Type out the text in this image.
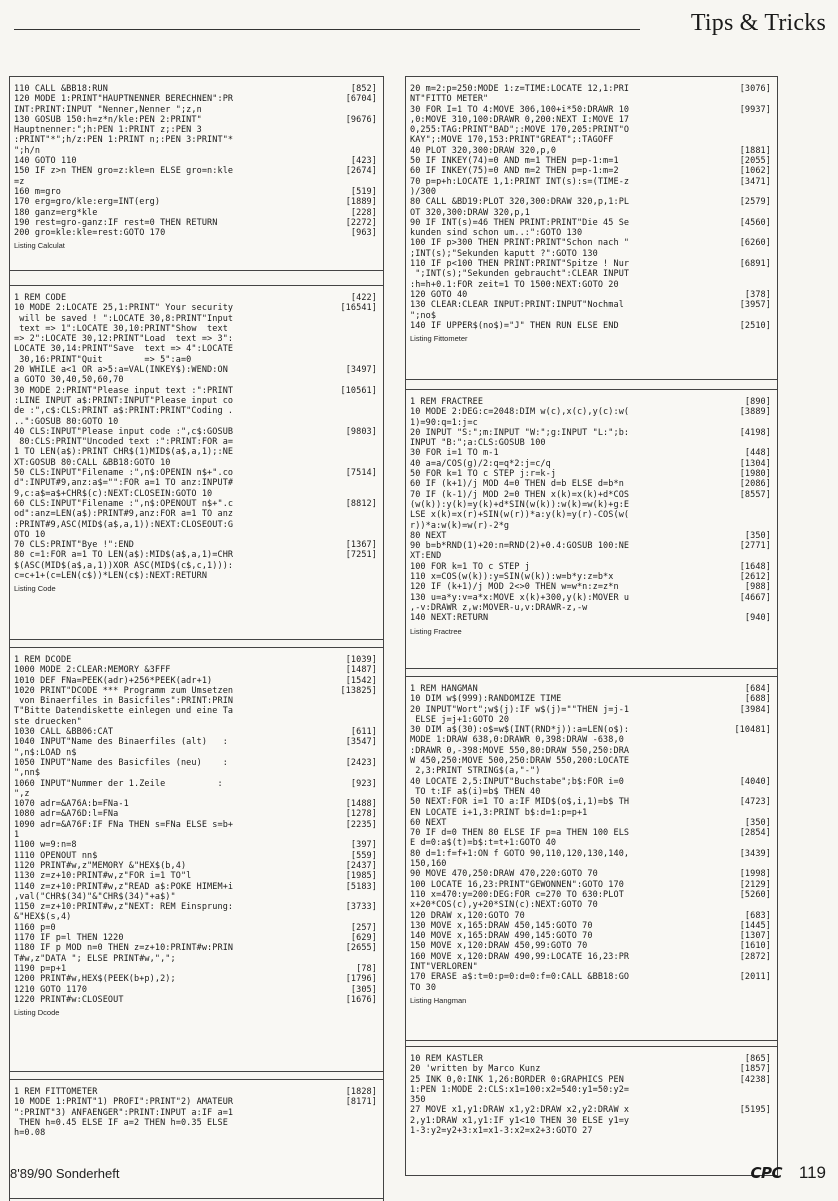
Tips & Tricks
110 CALL &BB18:RUN	[852]
120 MODE 1:PRINT"HAUPTNENNER BERECHNEN":PR	[6704]
INT:PRINT:INPUT "Nenner,Nenner ";z,n
130 GOSUB 150:h=z*n/kle:PEN 2:PRINT"	[9676]
Hauptnenner:";h:PEN 1:PRINT z;:PEN 3
:PRINT"*";h/z:PEN 1:PRINT n;:PEN 3:PRINT"*
";h/n
140 GOTO 110	[423]
150 IF z>n THEN gro=z:kle=n ELSE gro=n:kle	[2674]
=z
160 m=gro	[519]
170 erg=gro/kle:erg=INT(erg)	[1889]
180 ganz=erg*kle	[228]
190 rest=gro-ganz:IF rest=0 THEN RETURN	[2272]
200 gro=kle:kle=rest:GOTO 170	[963]
Listing Calculat
1 REM CODE	[422]
10 MODE 2:LOCATE 25,1:PRINT" Your security	[16541]
will be saved ! ":LOCATE 30,8:PRINT"Input
text => 1":LOCATE 30,10:PRINT"Show  text
=> 2":LOCATE 30,12:PRINT"Load  text => 3":
LOCATE 30,14:PRINT"Save  text => 4":LOCATE
30,16:PRINT"Quit        => 5":a=0
20 WHILE a<1 OR a>5:a=VAL(INKEY$):WEND:ON	[3497]
a GOTO 30,40,50,60,70
30 MODE 2:PRINT"Please input text :":PRINT	[10561]
:LINE INPUT a$:PRINT:INPUT"Please input co
de :",c$:CLS:PRINT a$:PRINT:PRINT"Coding .
..":GOSUB 80:GOTO 10
40 CLS:INPUT"Please input code :",c$:GOSUB	[9803]
80:CLS:PRINT"Uncoded text :":PRINT:FOR a=
1 TO LEN(a$):PRINT CHR$(1)MID$(a$,a,1);:NE
XT:GOSUB 80:CALL &BB18:GOTO 10
50 CLS:INPUT"Filename :",n$:OPENIN n$+".co	[7514]
d":INPUT#9,anz:a$="":FOR a=1 TO anz:INPUT#
9,c:a$=a$+CHR$(c):NEXT:CLOSEIN:GOTO 10
60 CLS:INPUT"Filename :",n$:OPENOUT n$+".c	[8812]
od":anz=LEN(a$):PRINT#9,anz:FOR a=1 TO anz
:PRINT#9,ASC(MID$(a$,a,1)):NEXT:CLOSEOUT:G
OTO 10
70 CLS:PRINT"Bye !":END	[1367]
80 c=1:FOR a=1 TO LEN(a$):MID$(a$,a,1)=CHR	[7251]
$(ASC(MID$(a$,a,1))XOR ASC(MID$(c$,c,1))):
c=c+1+(c=LEN(c$))*LEN(c$):NEXT:RETURN
Listing Code
1 REM DCODE	[1039]
1000 MODE 2:CLEAR:MEMORY &3FFF	[1487]
1010 DEF FNa=PEEK(adr)+256*PEEK(adr+1)	[1542]
1020 PRINT"DCODE *** Programm zum Umsetzen	[13825]
von Binaerfiles in Basicfiles":PRINT:PRIN
T"Bitte Datendiskette einlegen und eine Ta
ste druecken"
1030 CALL &BB06:CAT	[611]
1040 INPUT"Name des Binaerfiles (alt)   :	[3547]
",n$:LOAD n$
1050 INPUT"Name des Basicfiles (neu)    :	[2423]
",nn$
1060 INPUT"Nummer der 1.Zeile          :	[923]
",z
1070 adr=&A76A:b=FNa-1	[1488]
1080 adr=&A76D:l=FNa	[1278]
1090 adr=&A76F:IF FNa THEN s=FNa ELSE s=b+	[2235]
1
1100 w=9:n=8	[397]
1110 OPENOUT nn$	[559]
1120 PRINT#w,z"MEMORY &"HEX$(b,4)	[2437]
1130 z=z+10:PRINT#w,z"FOR i=1 TO"l	[1985]
1140 z=z+10:PRINT#w,z"READ a$:POKE HIMEM+i	[5183]
,val("CHR$(34)"&"CHR$(34)"+a$)"
1150 z=z+10:PRINT#w,z"NEXT: REM Einsprung:	[3733]
&"HEX$(s,4)
1160 p=0	[257]
1170 IF p=l THEN 1220	[629]
1180 IF p MOD n=0 THEN z=z+10:PRINT#w:PRIN	[2655]
T#w,z"DATA "; ELSE PRINT#w,",";
1190 p=p+1	[78]
1200 PRINT#w,HEX$(PEEK(b+p),2);	[1796]
1210 GOTO 1170	[305]
1220 PRINT#w:CLOSEOUT	[1676]
Listing Dcode
1 REM FITTOMETER	[1828]
10 MODE 1:PRINT"1) PROFI":PRINT"2) AMATEUR	[8171]
":PRINT"3) ANFAENGER":PRINT:INPUT a:IF a=1
THEN h=0.45 ELSE IF a=2 THEN h=0.35 ELSE
h=0.08
20 m=2:p=250:MODE 1:z=TIME:LOCATE 12,1:PRI	[3076]
NT"FITTO METER"
30 FOR I=1 TO 4:MOVE 306,100+i*50:DRAWR 10	[9937]
,0:MOVE 310,100:DRAWR 0,200:NEXT I:MOVE 17
0,255:TAG:PRINT"BAD";:MOVE 170,205:PRINT"O
KAY";:MOVE 170,153:PRINT"GREAT";:TAGOFF
40 PLOT 320,300:DRAW 320,p,0	[1881]
50 IF INKEY(74)=0 AND m=1 THEN p=p-1:m=1	[2055]
60 IF INKEY(75)=0 AND m=2 THEN p=p-1:m=2	[1062]
70 p=p+h:LOCATE 1,1:PRINT INT(s):s=(TIME-z	[3471]
)/300
80 CALL &BD19:PLOT 320,300:DRAW 320,p,1:PL	[2579]
OT 320,300:DRAW 320,p,1
90 IF INT(s)=46 THEN PRINT:PRINT"Die 45 Se	[4560]
kunden sind schon um..:":GOTO 130
100 IF p>300 THEN PRINT:PRINT"Schon nach "	[6260]
;INT(s);"Sekunden kaputt ?":GOTO 130
110 IF p<100 THEN PRINT:PRINT"Spitze ! Nur	[6891]
";INT(s);"Sekunden gebraucht":CLEAR INPUT
:h=h+0.1:FOR zeit=1 TO 1500:NEXT:GOTO 20
120 GOTO 40	[378]
130 CLEAR:CLEAR INPUT:PRINT:INPUT"Nochmal	[3957]
";no$
140 IF UPPER$(no$)="J" THEN RUN ELSE END	[2510]
Listing Fittometer
1 REM FRACTREE	[890]
10 MODE 2:DEG:c=2048:DIM w(c),x(c),y(c):w(	[3889]
1)=90:q=1:j=c
20 INPUT "S:";m:INPUT "W:";g:INPUT "L:";b:	[4198]
INPUT "B:";a:CLS:GOSUB 100
30 FOR i=1 TO m-1	[448]
40 a=a/COS(g)/2:q=q*2:j=c/q	[1304]
50 FOR k=1 TO c STEP j:r=k-j	[1980]
60 IF (k+1)/j MOD 4=0 THEN d=b ELSE d=b*n	[2086]
70 IF (k-1)/j MOD 2=0 THEN x(k)=x(k)+d*COS	[8557]
(w(k)):y(k)=y(k)+d*SIN(w(k)):w(k)=w(k)+g:E
LSE x(k)=x(r)+SIN(w(r))*a:y(k)=y(r)-COS(w(
r))*a:w(k)=w(r)-2*g
80 NEXT	[350]
90 b=b*RND(1)+20:n=RND(2)+0.4:GOSUB 100:NE	[2771]
XT:END
100 FOR k=1 TO c STEP j	[1648]
110 x=COS(w(k)):y=SIN(w(k)):w=b*y:z=b*x	[2612]
120 IF (k+1)/j MOD 2<>0 THEN w=w*n:z=z*n	[988]
130 u=a*y:v=a*x:MOVE x(k)+300,y(k):MOVER u	[4667]
,-v:DRAWR z,w:MOVER-u,v:DRAWR-z,-w
140 NEXT:RETURN	[940]
Listing Fractree
1 REM HANGMAN	[684]
10 DIM w$(999):RANDOMIZE TIME	[688]
20 INPUT"Wort";w$(j):IF w$(j)=""THEN j=j-1	[3984]
ELSE j=j+1:GOTO 20
30 DIM a$(30):o$=w$(INT(RND*j)):a=LEN(o$):	[10481]
MODE 1:DRAW 638,0:DRAWR 0,398:DRAW -638,0
:DRAWR 0,-398:MOVE 550,80:DRAW 550,250:DRA
W 450,250:MOVE 500,250:DRAW 550,200:LOCATE
2,3:PRINT STRING$(a,"-")
40 LOCATE 2,5:INPUT"Buchstabe";b$:FOR i=0	[4040]
TO t:IF a$(i)=b$ THEN 40
50 NEXT:FOR i=1 TO a:IF MID$(o$,i,1)=b$ TH	[4723]
EN LOCATE i+1,3:PRINT b$:d=1:p=p+1
60 NEXT	[350]
70 IF d=0 THEN 80 ELSE IF p=a THEN 100 ELS	[2854]
E d=0:a$(t)=b$:t=t+1:GOTO 40
80 d=1:f=f+1:ON f GOTO 90,110,120,130,140,	[3439]
150,160
90 MOVE 470,250:DRAW 470,220:GOTO 70	[1998]
100 LOCATE 16,23:PRINT"GEWONNEN":GOTO 170	[2129]
110 x=470:y=200:DEG:FOR c=270 TO 630:PLOT	[5260]
x+20*COS(c),y+20*SIN(c):NEXT:GOTO 70
120 DRAW x,120:GOTO 70	[683]
130 MOVE x,165:DRAW 450,145:GOTO 70	[1445]
140 MOVE x,165:DRAW 490,145:GOTO 70	[1307]
150 MOVE x,120:DRAW 450,99:GOTO 70	[1610]
160 MOVE x,120:DRAW 490,99:LOCATE 16,23:PR	[2872]
INT"VERLOREN"
170 ERASE a$:t=0:p=0:d=0:f=0:CALL &BB18:GO	[2011]
TO 30
Listing Hangman
10 REM KASTLER	[865]
20 'written by Marco Kunz	[1857]
25 INK 0,0:INK 1,26:BORDER 0:GRAPHICS PEN	[4238]
1:PEN 1:MODE 2:CLS:x1=100:x2=540:y1=50:y2=
350
27 MOVE x1,y1:DRAW x1,y2:DRAW x2,y2:DRAW x	[5195]
2,y1:DRAW x1,y1:IF y1<10 THEN 30 ELSE y1=y
1-3:y2=y2+3:x1=x1-3:x2=x2+3:GOTO 27
8'89/90 Sonderheft	CPC 119
